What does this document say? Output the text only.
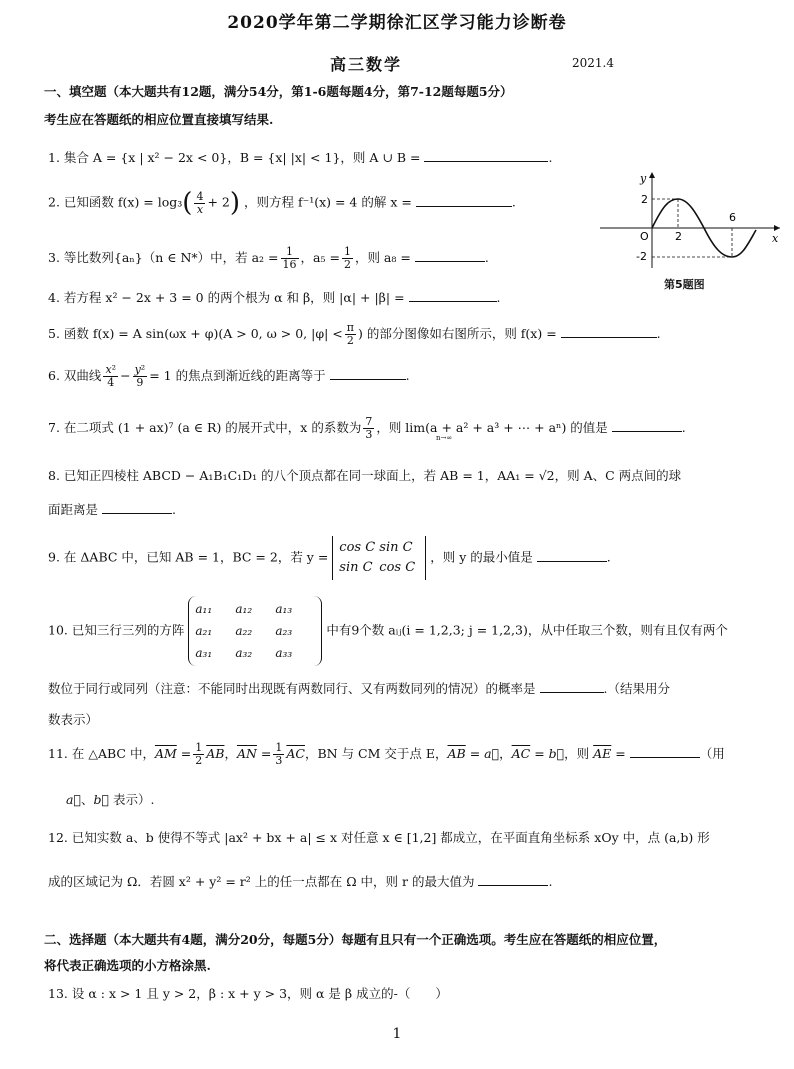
2020学年第二学期徐汇区学习能力诊断卷
高三数学	2021.4
一、填空题（本大题共有12题，满分54分，第1-6题每题4分，第7-12题每题5分）
考生应在答题纸的相应位置直接填写结果.
1. 集合 A = {x | x² − 2x < 0}，B = {x| |x| < 1}，则 A ∪ B =	.
2. 已知函数 $f(x) = \log_3( \frac{4}{x} + 2)$ ，则方程 f⁻¹(x) = 4 的解 x =	.
3. 等比数列{aₙ}（n ∈ N*）中，若 $a_2 = \frac{1}{16}$ ，$a_5 = \frac{1}{2}$ ，则 a₈ =	.
4. 若方程 x² − 2x + 3 = 0 的两个根为 α 和 β，则 |α| + |β| =	.
5. 函数 f(x) = A sin(ωx + φ)(A > 0, ω > 0, $|\varphi| < \frac{\pi}{2}$ ) 的部分图像如右图所示，则 f(x) =	.
6. 双曲线 $\frac{\text{x²}}{4} - \frac{\text{y²}}{9} = 1$ 的焦点到渐近线的距离等于	.
7. 在二项式 (1 + ax)⁷ (a ∈ R) 的展开式中，x 的系数为 $\frac{7}{3}$ ，则 lim(a + a² + a³ + ⋯ + aⁿ) 的值是	.
n→∞
8. 已知正四棱柱 ABCD − A₁B₁C₁D₁ 的八个顶点都在同一球面上，若 AB = 1，AA₁ = √2，则 A、C 两点间的球
面距离是	.
9. 在 ΔABC 中，已知 AB = 1，BC = 2，若 y = cos C sin C
sin C cos C ，则 y 的最小值是	.
10. 已知三行三列的方阵 a₁₁ a₁₂ a₁₃
a₂₁ a₂₂ a₂₃
a₃₁ a₃₂ a₃₃ 中有9个数 aᵢⱼ(i = 1,2,3; j = 1,2,3)，从中任取三个数，则有且仅有两个
数位于同行或同列（注意：不能同时出现既有两数同行、又有两数同列的情况）的概率是	.（结果用分
数表示）
11. 在 △ABC 中，$\overline{AM} = \frac{1}{2} \overline{AB}$，$\overline{AN} = \frac{1}{3} \overline{AC}$，BN 与 CM 交于点 E，$\overline{AB}$ = a⃗，$\overline{AC}$ = b⃗，则 $\overline{AE}$ =	（用
a⃗、b⃗ 表示）.
12. 已知实数 a、b 使得不等式 |ax² + bx + a| ≤ x 对任意 x ∈ [1,2] 都成立，在平面直角坐标系 xOy 中，点 (a,b) 形
成的区域记为 Ω．若圆 x² + y² = r² 上的任一点都在 Ω 中，则 r 的最大值为	.
二、选择题（本大题共有4题，满分20分，每题5分）每题有且只有一个正确选项。考生应在答题纸的相应位置，
将代表正确选项的小方格涂黑.
13. 设 α : x > 1 且 y > 2，β : x + y > 3，则 α 是 β 成立的-（　　）
y
x
O
2
-2
2
6
第5题图
1
